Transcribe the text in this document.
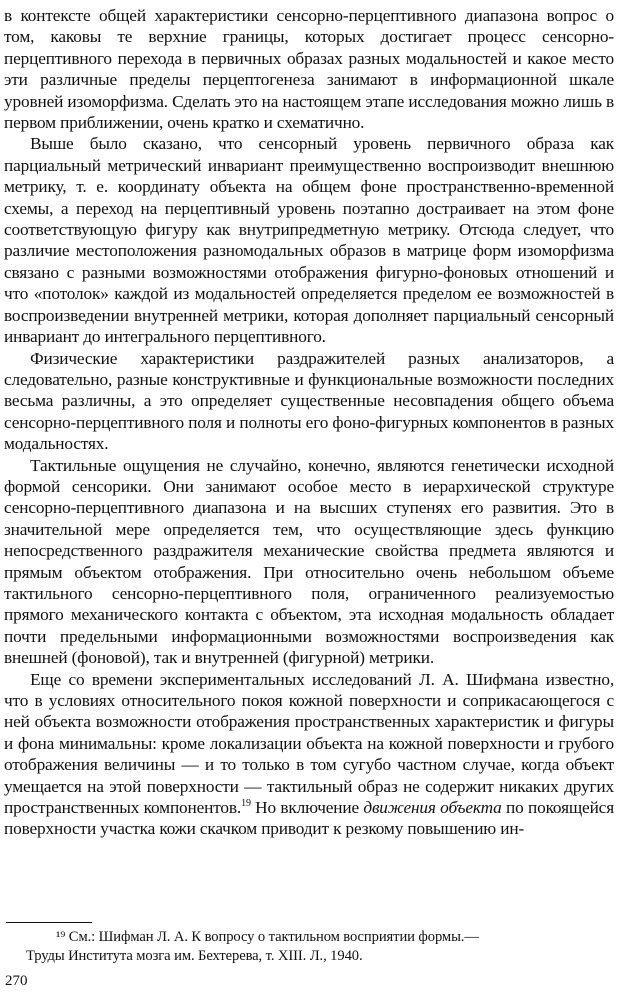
в контексте общей характеристики сенсорно-перцептивного диапазона вопрос о том, каковы те верхние границы, которых достигает процесс сенсорно-перцептивного перехода в первичных образах разных модальностей и какое место эти различные пределы перцептогенеза занимают в информационной шкале уровней изоморфизма. Сделать это на настоящем этапе исследования можно лишь в первом приближении, очень кратко и схематично.

Выше было сказано, что сенсорный уровень первичного образа как парциальный метрический инвариант преимущественно воспроизводит внешнюю метрику, т. е. координату объекта на общем фоне пространственно-временной схемы, а переход на перцептивный уровень поэтапно достраивает на этом фоне соответствующую фигуру как внутрипредметную метрику. Отсюда следует, что различие местоположения разномодальных образов в матрице форм изоморфизма связано с разными возможностями отображения фигурно-фоновых отношений и что «потолок» каждой из модальностей определяется пределом ее возможностей в воспроизведении внутренней метрики, которая дополняет парциальный сенсорный инвариант до интегрального перцептивного.

Физические характеристики раздражителей разных анализаторов, а следовательно, разные конструктивные и функциональные возможности последних весьма различны, а это определяет существенные несовпадения общего объема сенсорно-перцептивного поля и полноты его фоно-фигурных компонентов в разных модальностях.

Тактильные ощущения не случайно, конечно, являются генетически исходной формой сенсорики. Они занимают особое место в иерархической структуре сенсорно-перцептивного диапазона и на высших ступенях его развития. Это в значительной мере определяется тем, что осуществляющие здесь функцию непосредственного раздражителя механические свойства предмета являются и прямым объектом отображения. При относительно очень небольшом объеме тактильного сенсорно-перцептивного поля, ограниченного реализуемостью прямого механического контакта с объектом, эта исходная модальность обладает почти предельными информационными возможностями воспроизведения как внешней (фоновой), так и внутренней (фигурной) метрики.

Еще со времени экспериментальных исследований Л. А. Шифмана известно, что в условиях относительного покоя кожной поверхности и соприкасающегося с ней объекта возможности отображения пространственных характеристик и фигуры и фона минимальны: кроме локализации объекта на кожной поверхности и грубого отображения величины — и то только в том сугубо частном случае, когда объект умещается на этой поверхности — тактильный образ не содержит никаких других пространственных компонентов.$^{19}$ Но включение движения объекта по покоящейся поверхности участка кожи скачком приводит к резкому повышению ин-

¹⁹ См.: Шифман Л. А. К вопросу о тактильном восприятии формы.—
Труды Института мозга им. Бехтерева, т. XIII. Л., 1940.
270
